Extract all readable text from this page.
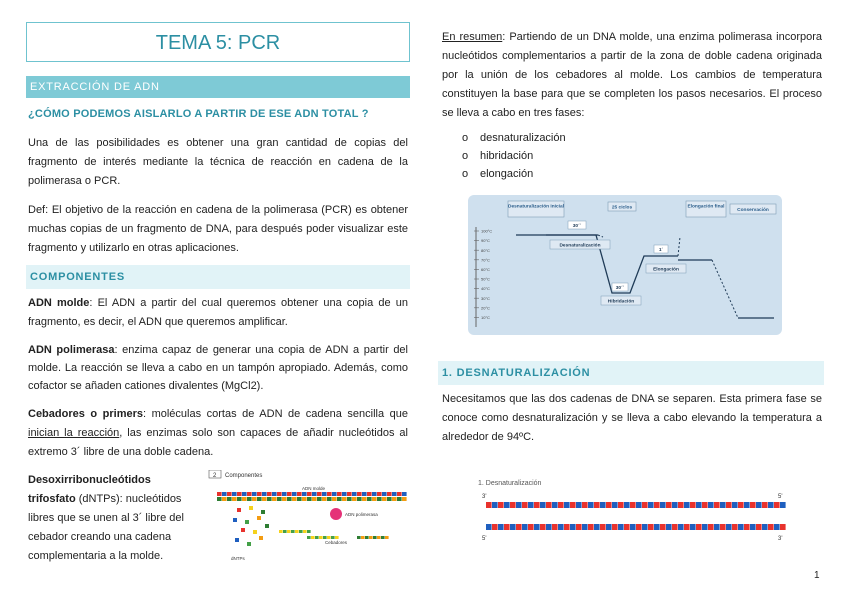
TEMA 5: PCR
EXTRACCIÓN DE ADN
¿CÓMO PODEMOS AISLARLO A PARTIR DE ESE ADN TOTAL ?
Una de las posibilidades es obtener una gran cantidad de copias del fragmento de interés mediante la técnica de reacción en cadena de la polimerasa o PCR.
Def: El objetivo de la reacción en cadena de la polimerasa (PCR) es obtener muchas copias de un fragmento de DNA, para después poder visualizar este fragmento y utilizarlo en otras aplicaciones.
COMPONENTES
ADN molde: El ADN a partir del cual queremos obtener una copia de un fragmento, es decir, el ADN que queremos amplificar.
ADN polimerasa: enzima capaz de generar una copia de ADN a partir del molde. La reacción se lleva a cabo en un tampón apropiado. Además, como cofactor se añaden cationes divalentes (MgCl2).
Cebadores o primers: moléculas cortas de ADN de cadena sencilla que inician la reacción, las enzimas solo son capaces de añadir nucleótidos al extremo 3´ libre de una doble cadena.
Desoxirribonucleótidos trifosfato (dNTPs): nucleótidos libres que se unen al 3´ libre del cebador creando una cadena complementaria a la molde.
2 Componentes
ADN molde
ADN polimerasa
Cebadores
dNTPs
En resumen: Partiendo de un DNA molde, una enzima polimerasa incorpora nucleótidos complementarios a partir de la zona de doble cadena originada por la unión de los cebadores al molde. Los cambios de temperatura constituyen la base para que se completen los pasos necesarios. El proceso se lleva a cabo en tres fases:
o desnaturalización
o hibridación
o elongación
100°C
90°C
80°C
70°C
60°C
50°C
40°C
30°C
20°C
10°C
Desnaturalización inicial	25 ciclos	Elongación final
Conservación
30´´
Desnaturalización
30´´
Hibridación
1´
Elongación
1. DESNATURALIZACIÓN
Necesitamos que las dos cadenas de DNA se separen. Esta primera fase se conoce como desnaturalización y se lleva a cabo elevando la temperatura a alrededor de 94ºC.
1. Desnaturalización
3'	5'
5'	3'
1
